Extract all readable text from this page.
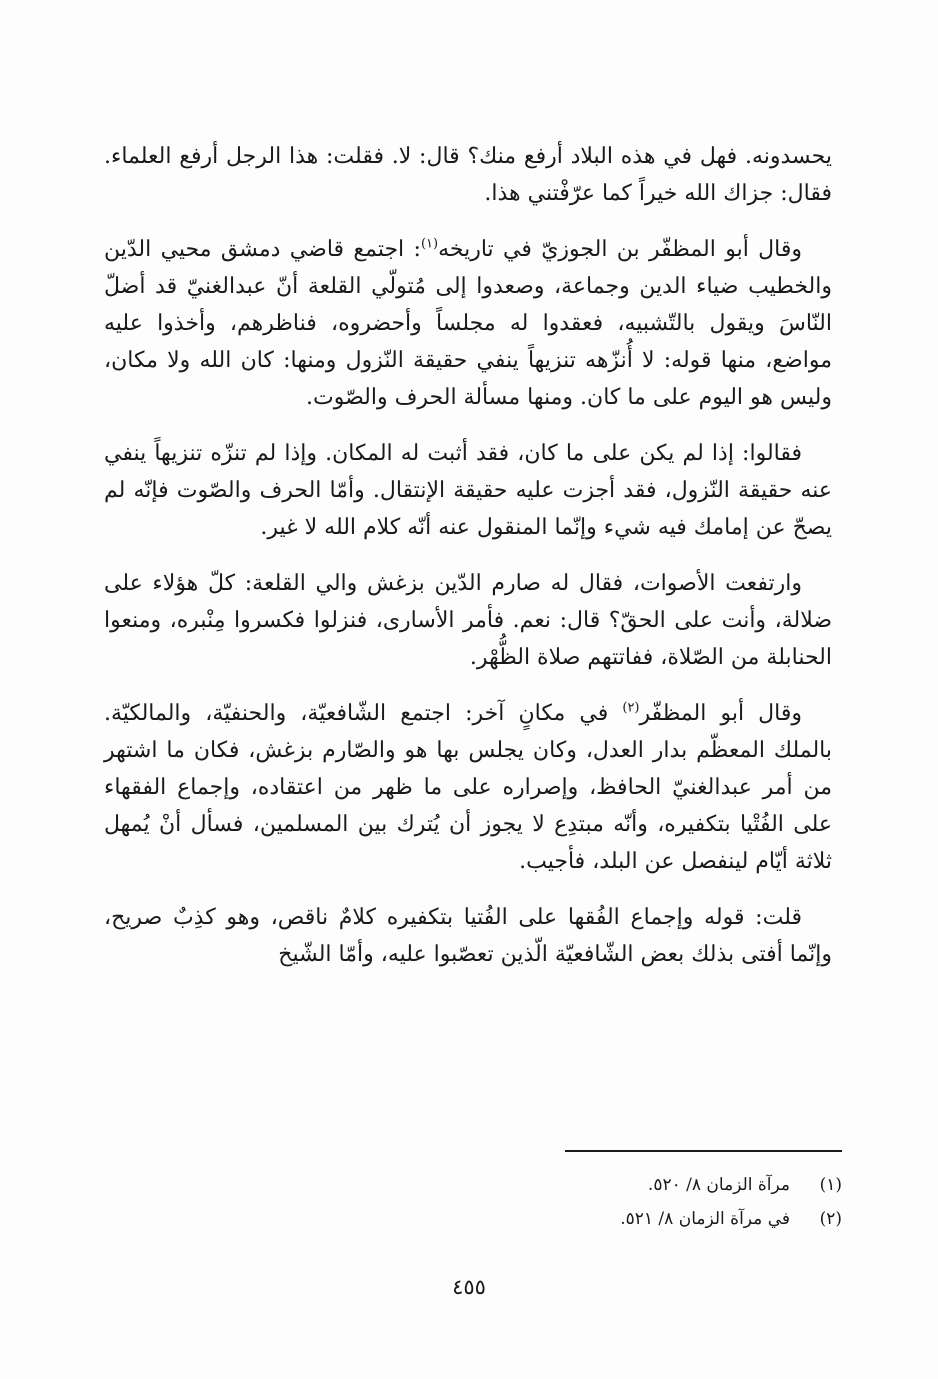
يحسدونه. فهل في هذه البلاد أرفع منك؟ قال: لا. فقلت: هذا الرجل أرفع العلماء. فقال: جزاك الله خيراً كما عرّفْتني هذا.

وقال أبو المظفّر بن الجوزيّ في تاريخه$^{(١)}$: اجتمع قاضي دمشق محيي الدّين والخطيب ضياء الدين وجماعة، وصعدوا إلى مُتولّي القلعة أنّ عبدالغنيّ قد أضلّ النّاسَ ويقول بالتّشبيه، فعقدوا له مجلساً وأحضروه، فناظرهم، وأخذوا عليه مواضع، منها قوله: لا أُنزّهه تنزيهاً ينفي حقيقة النّزول ومنها: كان الله ولا مكان، وليس هو اليوم على ما كان. ومنها مسألة الحرف والصّوت.

فقالوا: إذا لم يكن على ما كان، فقد أثبت له المكان. وإذا لم تنزّه تنزيهاً ينفي عنه حقيقة النّزول، فقد أجزت عليه حقيقة الإنتقال. وأمّا الحرف والصّوت فإنّه لم يصحّ عن إمامك فيه شيء وإنّما المنقول عنه أنّه كلام الله لا غير.

وارتفعت الأصوات، فقال له صارم الدّين بزغش والي القلعة: كلّ هؤلاء على ضلالة، وأنت على الحقّ؟ قال: نعم. فأمر الأسارى، فنزلوا فكسروا مِنْبره، ومنعوا الحنابلة من الصّلاة، ففاتتهم صلاة الظُّهْر.

وقال أبو المظفّر$^{(٢)}$ في مكانٍ آخر: اجتمع الشّافعيّة، والحنفيّة، والمالكيّة. بالملك المعظّم بدار العدل، وكان يجلس بها هو والصّارم بزغش، فكان ما اشتهر من أمر عبدالغنيّ الحافظ، وإصراره على ما ظهر من اعتقاده، وإجماع الفقهاء على الفُتْيا بتكفيره، وأنّه مبتدِع لا يجوز أن يُترك بين المسلمين، فسأل أنْ يُمهل ثلاثة أيّام لينفصل عن البلد، فأجيب.

قلت: قوله وإجماع الفُقها على الفُتيا بتكفيره كلامٌ ناقص، وهو كذِبٌ صريح، وإنّما أفتى بذلك بعض الشّافعيّة الّذين تعصّبوا عليه، وأمّا الشّيخ

(١)
مرآة الزمان ٨/ ٥٢٠.
(٢)
في مرآة الزمان ٨/ ٥٢١.
٤٥٥
